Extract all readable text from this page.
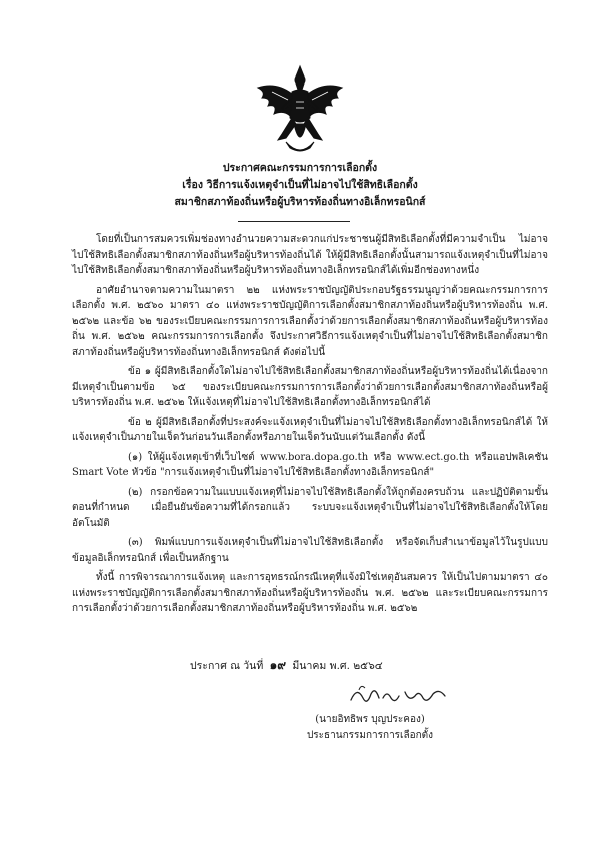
ประกาศคณะกรรมการการเลือกตั้ง
เรื่อง วิธีการแจ้งเหตุจำเป็นที่ไม่อาจไปใช้สิทธิเลือกตั้ง
สมาชิกสภาท้องถิ่นหรือผู้บริหารท้องถิ่นทางอิเล็กทรอนิกส์

โดยที่เป็นการสมควรเพิ่มช่องทางอำนวยความสะดวกแก่ประชาชนผู้มีสิทธิเลือกตั้งที่มีความจำเป็น ไม่อาจไปใช้สิทธิเลือกตั้งสมาชิกสภาท้องถิ่นหรือผู้บริหารท้องถิ่นได้ ให้ผู้มีสิทธิเลือกตั้งนั้นสามารถแจ้งเหตุจำเป็นที่ไม่อาจไปใช้สิทธิเลือกตั้งสมาชิกสภาท้องถิ่นหรือผู้บริหารท้องถิ่นทางอิเล็กทรอนิกส์ได้เพิ่มอีกช่องทางหนึ่ง

อาศัยอำนาจตามความในมาตรา ๒๒ แห่งพระราชบัญญัติประกอบรัฐธรรมนูญว่าด้วยคณะกรรมการการเลือกตั้ง พ.ศ. ๒๕๖๐ มาตรา ๔๐ แห่งพระราชบัญญัติการเลือกตั้งสมาชิกสภาท้องถิ่นหรือผู้บริหารท้องถิ่น พ.ศ. ๒๕๖๒ และข้อ ๖๒ ของระเบียบคณะกรรมการการเลือกตั้งว่าด้วยการเลือกตั้งสมาชิกสภาท้องถิ่นหรือผู้บริหารท้องถิ่น พ.ศ. ๒๕๖๒ คณะกรรมการการเลือกตั้ง จึงประกาศวิธีการแจ้งเหตุจำเป็นที่ไม่อาจไปใช้สิทธิเลือกตั้งสมาชิกสภาท้องถิ่นหรือผู้บริหารท้องถิ่นทางอิเล็กทรอนิกส์ ดังต่อไปนี้

ข้อ ๑ ผู้มีสิทธิเลือกตั้งใดไม่อาจไปใช้สิทธิเลือกตั้งสมาชิกสภาท้องถิ่นหรือผู้บริหารท้องถิ่นได้เนื่องจากมีเหตุจำเป็นตามข้อ ๖๕ ของระเบียบคณะกรรมการการเลือกตั้งว่าด้วยการเลือกตั้งสมาชิกสภาท้องถิ่นหรือผู้บริหารท้องถิ่น พ.ศ. ๒๕๖๒ ให้แจ้งเหตุที่ไม่อาจไปใช้สิทธิเลือกตั้งทางอิเล็กทรอนิกส์ได้

ข้อ ๒ ผู้มีสิทธิเลือกตั้งที่ประสงค์จะแจ้งเหตุจำเป็นที่ไม่อาจไปใช้สิทธิเลือกตั้งทางอิเล็กทรอนิกส์ได้ ให้แจ้งเหตุจำเป็นภายในเจ็ดวันก่อนวันเลือกตั้งหรือภายในเจ็ดวันนับแต่วันเลือกตั้ง ดังนี้

(๑) ให้ผู้แจ้งเหตุเข้าที่เว็บไซต์ www.bora.dopa.go.th หรือ www.ect.go.th หรือแอปพลิเคชัน Smart Vote หัวข้อ "การแจ้งเหตุจำเป็นที่ไม่อาจไปใช้สิทธิเลือกตั้งทางอิเล็กทรอนิกส์"

(๒) กรอกข้อความในแบบแจ้งเหตุที่ไม่อาจไปใช้สิทธิเลือกตั้งให้ถูกต้องครบถ้วน และปฏิบัติตามขั้นตอนที่กำหนด เมื่อยืนยันข้อความที่ได้กรอกแล้ว ระบบจะแจ้งเหตุจำเป็นที่ไม่อาจไปใช้สิทธิเลือกตั้งให้โดยอัตโนมัติ

(๓) พิมพ์แบบการแจ้งเหตุจำเป็นที่ไม่อาจไปใช้สิทธิเลือกตั้ง หรือจัดเก็บสำเนาข้อมูลไว้ในรูปแบบข้อมูลอิเล็กทรอนิกส์ เพื่อเป็นหลักฐาน

ทั้งนี้ การพิจารณาการแจ้งเหตุ และการอุทธรณ์กรณีเหตุที่แจ้งมิใช่เหตุอันสมควร ให้เป็นไปตามมาตรา ๔๐ แห่งพระราชบัญญัติการเลือกตั้งสมาชิกสภาท้องถิ่นหรือผู้บริหารท้องถิ่น พ.ศ. ๒๕๖๒ และระเบียบคณะกรรมการการเลือกตั้งว่าด้วยการเลือกตั้งสมาชิกสภาท้องถิ่นหรือผู้บริหารท้องถิ่น พ.ศ. ๒๕๖๒

ประกาศ ณ วันที่ ๑๙ มีนาคม พ.ศ. ๒๕๖๔
(นายอิทธิพร บุญประคอง)
ประธานกรรมการการเลือกตั้ง
